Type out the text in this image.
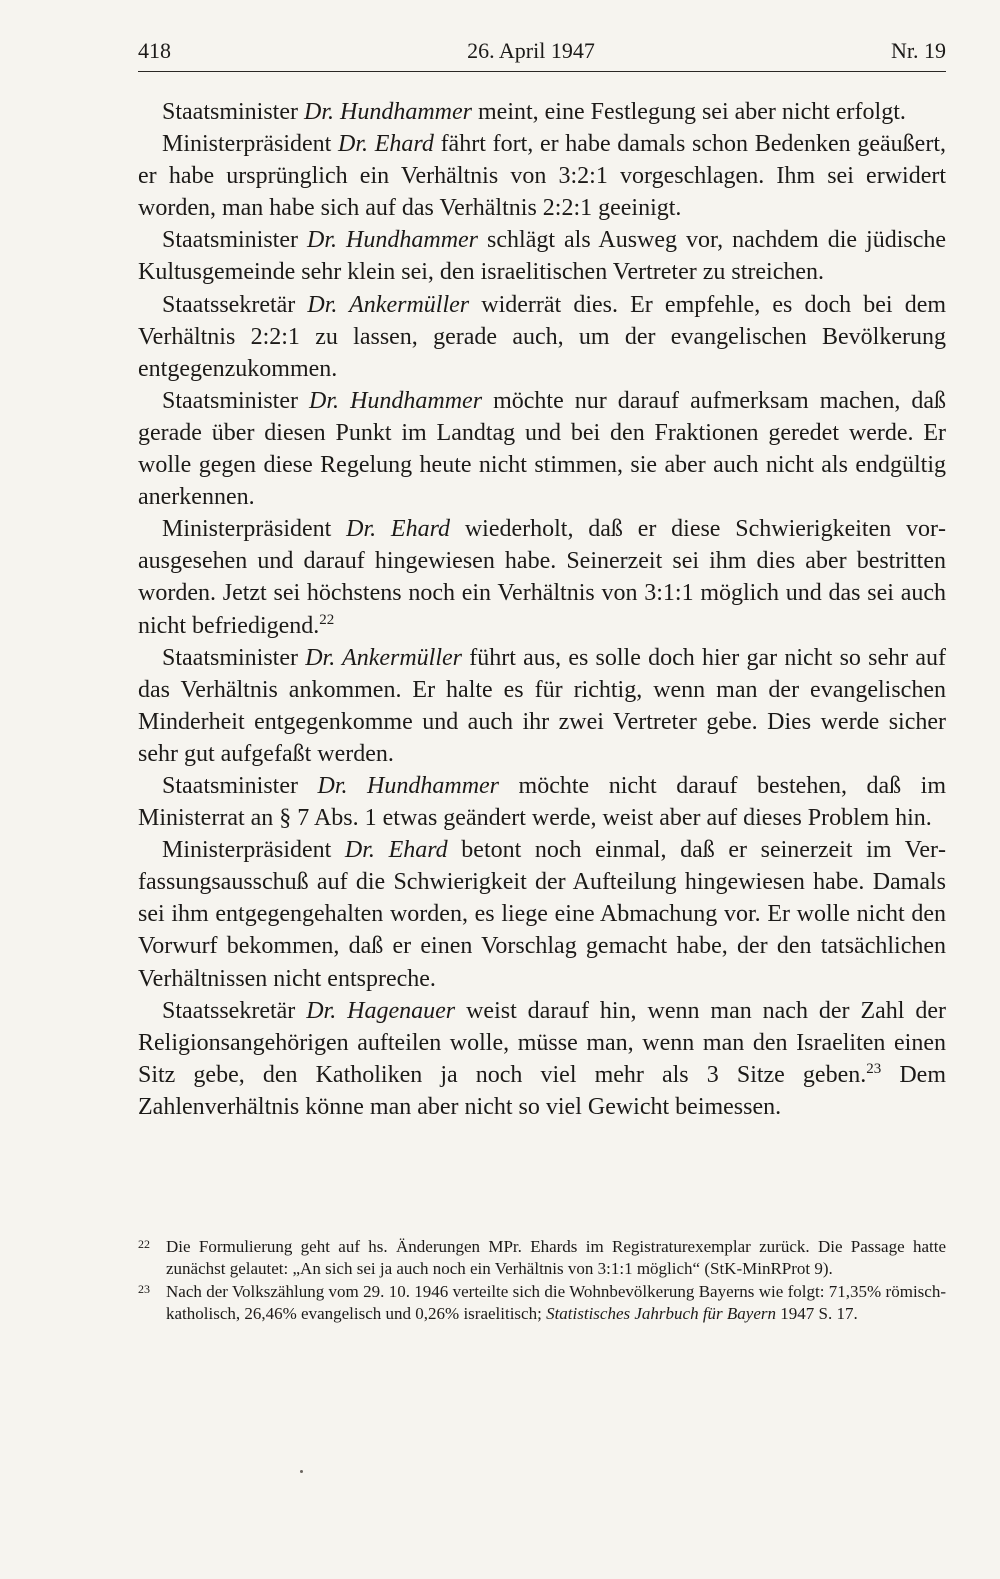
418	26. April 1947	Nr. 19

Staatsminister Dr. Hundhammer meint, eine Festlegung sei aber nicht erfolgt.

Ministerpräsident Dr. Ehard fährt fort, er habe damals schon Bedenken geäußert, er habe ursprünglich ein Verhältnis von 3:2:1 vorgeschlagen. Ihm sei erwidert worden, man habe sich auf das Verhältnis 2:2:1 geeinigt.

Staatsminister Dr. Hundhammer schlägt als Ausweg vor, nachdem die jüdische Kultusgemeinde sehr klein sei, den israelitischen Vertreter zu streichen.

Staatssekretär Dr. Ankermüller widerrät dies. Er empfehle, es doch bei dem Verhältnis 2:2:1 zu lassen, gerade auch, um der evangelischen Bevölkerung entgegenzukommen.

Staatsminister Dr. Hundhammer möchte nur darauf aufmerksam machen, daß gerade über diesen Punkt im Landtag und bei den Fraktionen geredet werde. Er wolle gegen diese Regelung heute nicht stimmen, sie aber auch nicht als endgültig anerkennen.

Ministerpräsident Dr. Ehard wiederholt, daß er diese Schwierigkeiten vorausgesehen und darauf hingewiesen habe. Seinerzeit sei ihm dies aber bestritten worden. Jetzt sei höchstens noch ein Verhältnis von 3:1:1 möglich und das sei auch nicht befriedigend.$^{22}$

Staatsminister Dr. Ankermüller führt aus, es solle doch hier gar nicht so sehr auf das Verhältnis ankommen. Er halte es für richtig, wenn man der evangelischen Minderheit entgegenkomme und auch ihr zwei Vertreter gebe. Dies werde sicher sehr gut aufgefaßt werden.

Staatsminister Dr. Hundhammer möchte nicht darauf bestehen, daß im Ministerrat an § 7 Abs. 1 etwas geändert werde, weist aber auf dieses Problem hin.

Ministerpräsident Dr. Ehard betont noch einmal, daß er seinerzeit im Verfassungsausschuß auf die Schwierigkeit der Aufteilung hingewiesen habe. Damals sei ihm entgegengehalten worden, es liege eine Abmachung vor. Er wolle nicht den Vorwurf bekommen, daß er einen Vorschlag gemacht habe, der den tatsächlichen Verhältnissen nicht entspreche.

Staatssekretär Dr. Hagenauer weist darauf hin, wenn man nach der Zahl der Religionsangehörigen aufteilen wolle, müsse man, wenn man den Israeliten einen Sitz gebe, den Katholiken ja noch viel mehr als 3 Sitze geben.$^{23}$ Dem Zahlenverhältnis könne man aber nicht so viel Gewicht beimessen.

22 Die Formulierung geht auf hs. Änderungen MPr. Ehards im Registraturexemplar zurück. Die Passage hatte zunächst gelautet: „An sich sei ja auch noch ein Verhältnis von 3:1:1 möglich“ (StK-MinRProt 9).

23 Nach der Volkszählung vom 29. 10. 1946 verteilte sich die Wohnbevölkerung Bayerns wie folgt: 71,35% römisch-katholisch, 26,46% evangelisch und 0,26% israelitisch; Statistisches Jahrbuch für Bayern 1947 S. 17.
